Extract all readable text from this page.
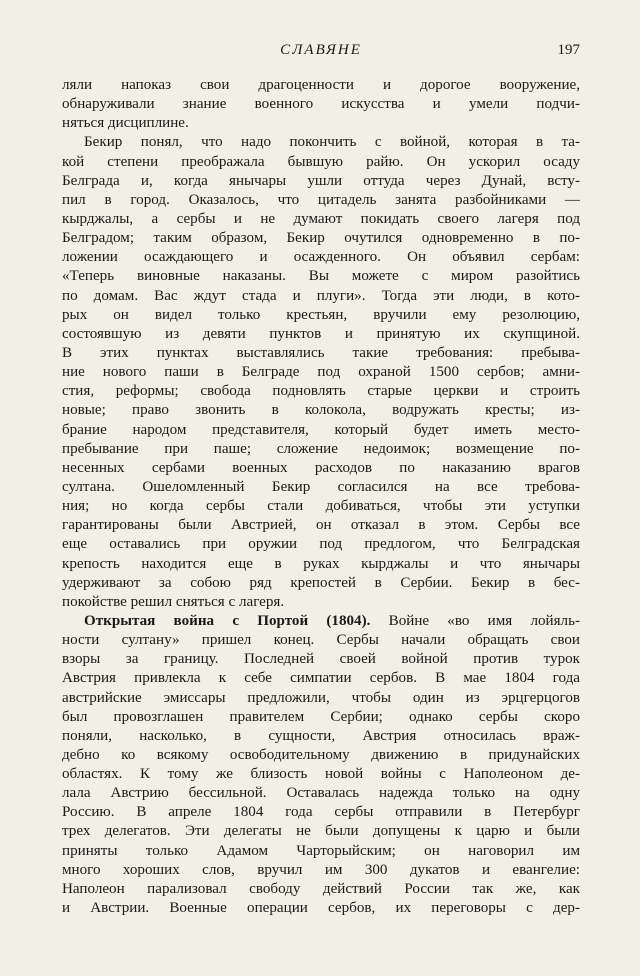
СЛАВЯНЕ	197
ляли напоказ свои драгоценности и дорогое вооружение,
обнаруживали знание военного искусства и умели подчи-
няться дисциплине.
Бекир понял, что надо покончить с войной, которая в та-
кой степени преображала бывшую райю. Он ускорил осаду
Белграда и, когда янычары ушли оттуда через Дунай, всту-
пил в город. Оказалось, что цитадель занята разбойниками —
кырджалы, а сербы и не думают покидать своего лагеря под
Белградом; таким образом, Бекир очутился одновременно в по-
ложении осаждающего и осажденного. Он объявил сербам:
«Теперь виновные наказаны. Вы можете с миром разойтись
по домам. Вас ждут стада и плуги». Тогда эти люди, в кото-
рых он видел только крестьян, вручили ему резолюцию,
состоявшую из девяти пунктов и принятую их скупщиной.
В этих пунктах выставлялись такие требования: пребыва-
ние нового паши в Белграде под охраной 1500 сербов; амни-
стия, реформы; свобода подновлять старые церкви и строить
новые; право звонить в колокола, водружать кресты; из-
брание народом представителя, который будет иметь место-
пребывание при паше; сложение недоимок; возмещение по-
несенных сербами военных расходов по наказанию врагов
султана. Ошеломленный Бекир согласился на все требова-
ния; но когда сербы стали добиваться, чтобы эти уступки
гарантированы были Австрией, он отказал в этом. Сербы все
еще оставались при оружии под предлогом, что Белградская
крепость находится еще в руках кырджалы и что янычары
удерживают за собою ряд крепостей в Сербии. Бекир в бес-
покойстве решил сняться с лагеря.
Открытая война с Портой (1804). Войне «во имя лойяль-
ности султану» пришел конец. Сербы начали обращать свои
взоры за границу. Последней своей войной против турок
Австрия привлекла к себе симпатии сербов. В мае 1804 года
австрийские эмиссары предложили, чтобы один из эрцгерцогов
был провозглашен правителем Сербии; однако сербы скоро
поняли, насколько, в сущности, Австрия относилась враж-
дебно ко всякому освободительному движению в придунайских
областях. К тому же близость новой войны с Наполеоном де-
лала Австрию бессильной. Оставалась надежда только на одну
Россию. В апреле 1804 года сербы отправили в Петербург
трех делегатов. Эти делегаты не были допущены к царю и были
приняты только Адамом Чарторыйским; он наговорил им
много хороших слов, вручил им 300 дукатов и евангелие:
Наполеон парализовал свободу действий России так же, как
и Австрии. Военные операции сербов, их переговоры с дер-
